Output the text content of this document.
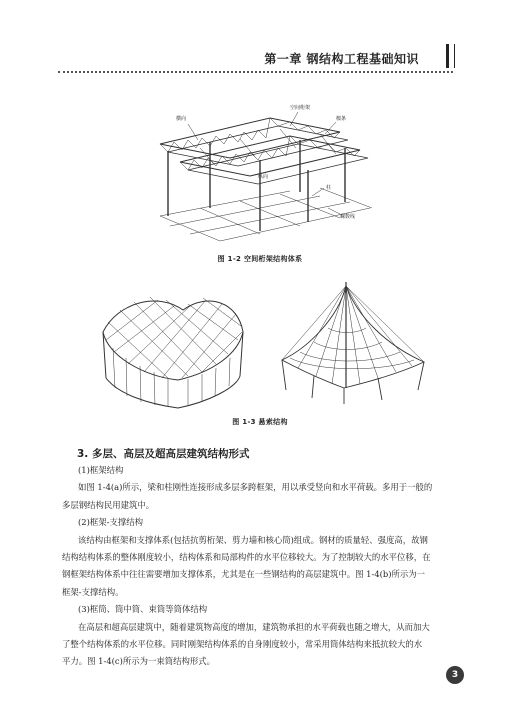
第一章 钢结构工程基础知识
空间桁架
檩条
横向
纵向
柱
螺数线
图 1-2 空间桁架结构体系
图 1-3 悬索结构
3. 多层、高层及超高层建筑结构形式
(1)框架结构
如图 1-4(a)所示，梁和柱刚性连接形成多层多跨框架，用以承受竖向和水平荷载。多用于一般的
多层钢结构民用建筑中。
(2)框架-支撑结构
该结构由框架和支撑体系(包括抗剪桁架、剪力墙和核心筒)组成。钢材的质量轻、强度高，故钢
结构结构体系的整体刚度较小，结构体系和局部构件的水平位移较大。为了控制较大的水平位移，在
钢框架结构体系中往往需要增加支撑体系，尤其是在一些钢结构的高层建筑中。图 1-4(b)所示为一
框架-支撑结构。
(3)框筒、筒中筒、束筒等筒体结构
在高层和超高层建筑中，随着建筑物高度的增加，建筑物承担的水平荷载也随之增大，从而加大
了整个结构体系的水平位移。同时刚架结构体系的自身刚度较小，常采用筒体结构来抵抗较大的水
平力。图 1-4(c)所示为一束筒结构形式。
3
